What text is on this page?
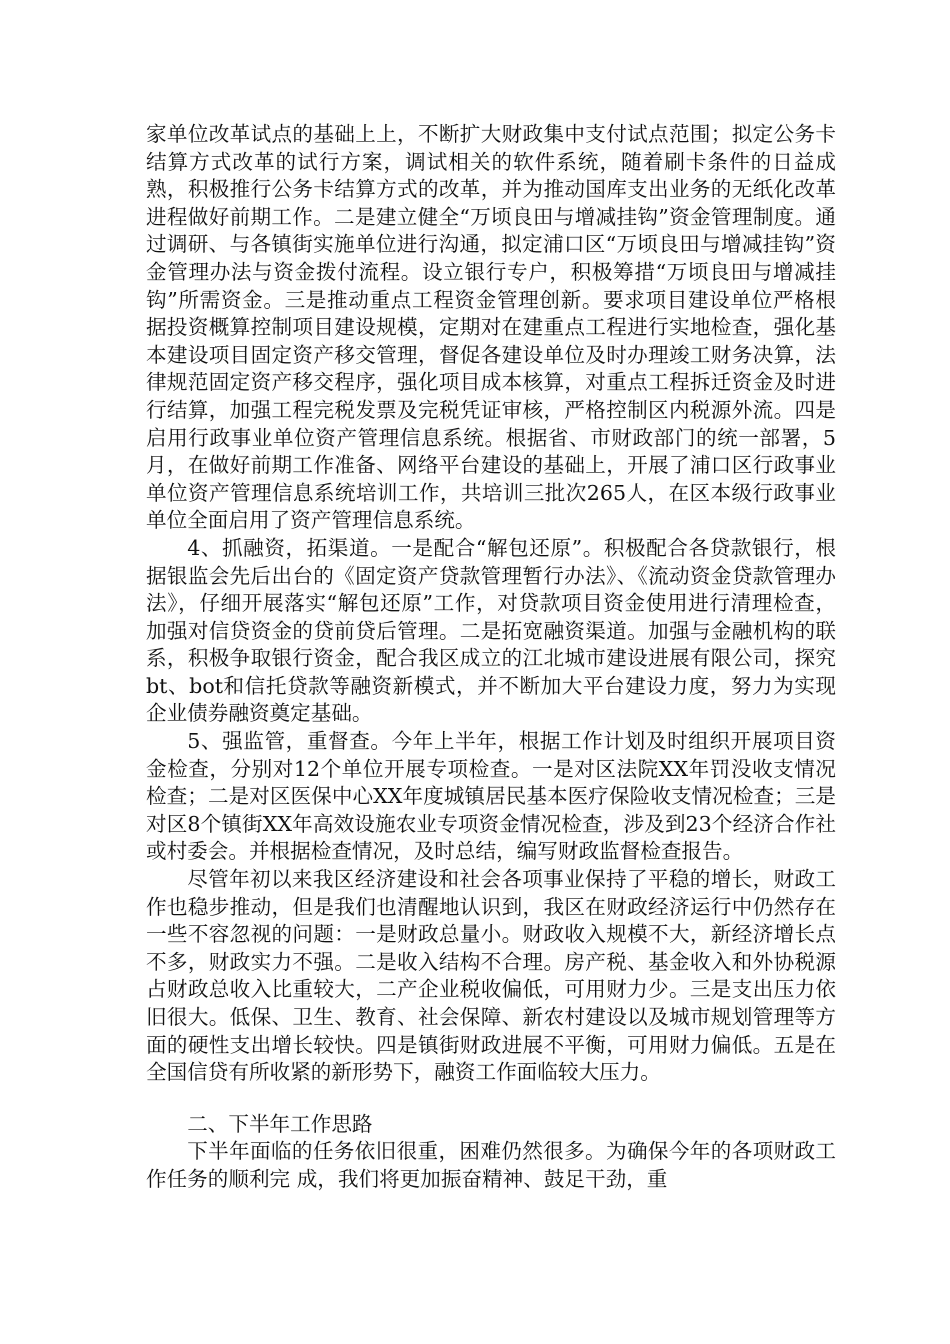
家单位改革试点的基础上上，不断扩大财政集中支付试点范围；拟定公务卡结算方式改革的试行方案，调试相关的软件系统，随着刷卡条件的日益成熟，积极推行公务卡结算方式的改革，并为推动国库支出业务的无纸化改革进程做好前期工作。二是建立健全“万顷良田与增减挂钩”资金管理制度。通过调研、与各镇街实施单位进行沟通，拟定浦口区“万顷良田与增减挂钩”资金管理办法与资金拨付流程。设立银行专户，积极筹措“万顷良田与增减挂钩”所需资金。三是推动重点工程资金管理创新。要求项目建设单位严格根据投资概算控制项目建设规模，定期对在建重点工程进行实地检查，强化基本建设项目固定资产移交管理，督促各建设单位及时办理竣工财务决算，法律规范固定资产移交程序，强化项目成本核算，对重点工程拆迁资金及时进行结算，加强工程完税发票及完税凭证审核，严格控制区内税源外流。四是启用行政事业单位资产管理信息系统。根据省、市财政部门的统一部署，5月，在做好前期工作准备、网络平台建设的基础上，开展了浦口区行政事业单位资产管理信息系统培训工作，共培训三批次265人，在区本级行政事业单位全面启用了资产管理信息系统。

4、抓融资，拓渠道。一是配合“解包还原”。积极配合各贷款银行，根据银监会先后出台的《固定资产贷款管理暂行办法》、《流动资金贷款管理办法》，仔细开展落实“解包还原”工作，对贷款项目资金使用进行清理检查，加强对信贷资金的贷前贷后管理。二是拓宽融资渠道。加强与金融机构的联系，积极争取银行资金，配合我区成立的江北城市建设进展有限公司，探究bt、bot和信托贷款等融资新模式，并不断加大平台建设力度，努力为实现企业债券融资奠定基础。

5、强监管，重督查。今年上半年，根据工作计划及时组织开展项目资金检查，分别对12个单位开展专项检查。一是对区法院XX年罚没收支情况检查；二是对区医保中心XX年度城镇居民基本医疗保险收支情况检查；三是对区8个镇街XX年高效设施农业专项资金情况检查，涉及到23个经济合作社或村委会。并根据检查情况，及时总结，编写财政监督检查报告。

尽管年初以来我区经济建设和社会各项事业保持了平稳的增长，财政工作也稳步推动，但是我们也清醒地认识到，我区在财政经济运行中仍然存在一些不容忽视的问题：一是财政总量小。财政收入规模不大，新经济增长点不多，财政实力不强。二是收入结构不合理。房产税、基金收入和外协税源占财政总收入比重较大，二产企业税收偏低，可用财力少。三是支出压力依旧很大。低保、卫生、教育、社会保障、新农村建设以及城市规划管理等方面的硬性支出增长较快。四是镇街财政进展不平衡，可用财力偏低。五是在全国信贷有所收紧的新形势下，融资工作面临较大压力。

二、下半年工作思路

下半年面临的任务依旧很重，困难仍然很多。为确保今年的各项财政工作任务的顺利完 成，我们将更加振奋精神、鼓足干劲，重
